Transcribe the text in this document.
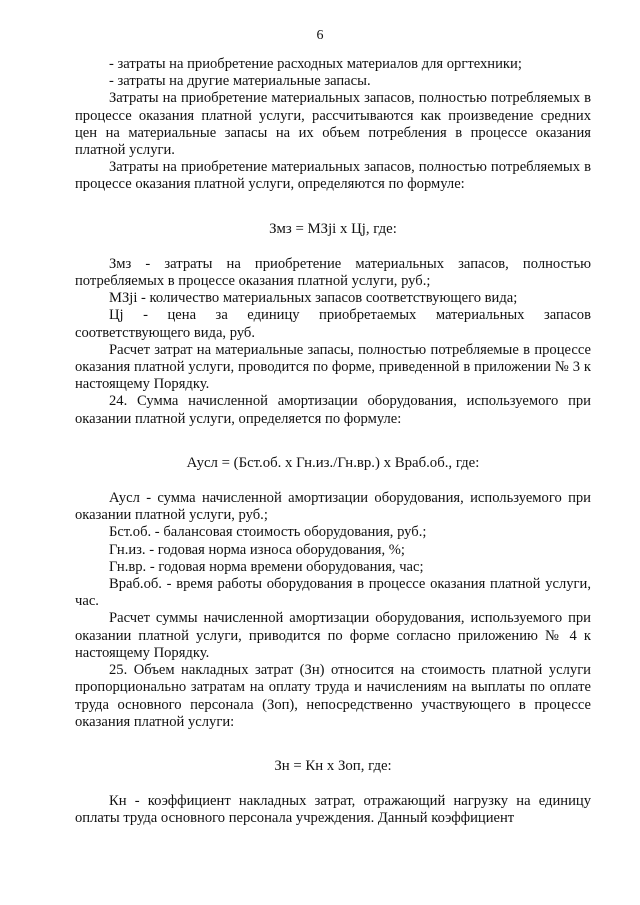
6

- затраты на приобретение расходных материалов для оргтехники;

- затраты на другие материальные запасы.

Затраты на приобретение материальных запасов, полностью потребляемых в процессе оказания платной услуги, рассчитываются как произведение средних цен на материальные запасы на их объем потребления в процессе оказания платной услуги.

Затраты на приобретение материальных запасов, полностью потребляемых в процессе оказания платной услуги, определяются по формуле:

Змз = МЗji x Цj, где:

Змз - затраты на приобретение материальных запасов, полностью потребляемых в процессе оказания платной услуги, руб.;

МЗji - количество материальных запасов соответствующего вида;

Цj - цена за единицу приобретаемых материальных запасов соответствующего вида, руб.

Расчет затрат на материальные запасы, полностью потребляемые в процессе оказания платной услуги, проводится по форме, приведенной в приложении № 3 к настоящему Порядку.

24. Сумма начисленной амортизации оборудования, используемого при оказании платной услуги, определяется по формуле:

Аусл = (Бст.об. x Гн.из./Гн.вр.) x Враб.об., где:

Аусл - сумма начисленной амортизации оборудования, используемого при оказании платной услуги, руб.;

Бст.об. - балансовая стоимость оборудования, руб.;

Гн.из. - годовая норма износа оборудования, %;

Гн.вр. - годовая норма времени оборудования, час;

Враб.об. - время работы оборудования в процессе оказания платной услуги, час.

Расчет суммы начисленной амортизации оборудования, используемого при оказании платной услуги, приводится по форме согласно приложению № 4 к настоящему Порядку.

25. Объем накладных затрат (Зн) относится на стоимость платной услуги пропорционально затратам на оплату труда и начислениям на выплаты по оплате труда основного персонала (Зоп), непосредственно участвующего в процессе оказания платной услуги:

Зн = Кн x Зоп, где:

Кн - коэффициент накладных затрат, отражающий нагрузку на единицу оплаты труда основного персонала учреждения. Данный коэффициент
